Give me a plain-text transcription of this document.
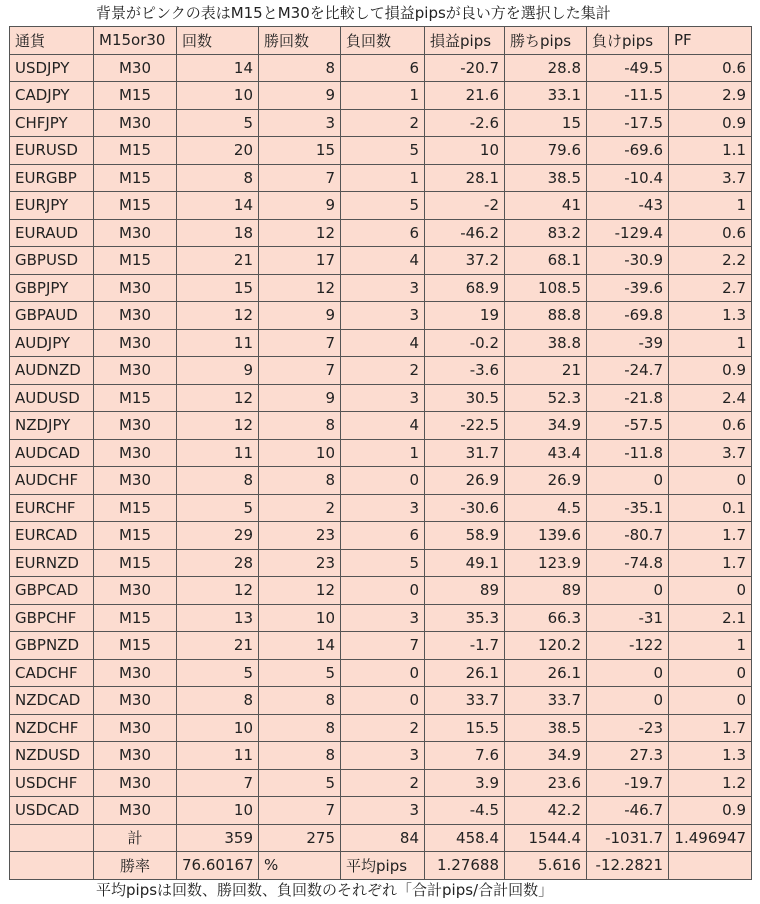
背景がピンクの表はM15とM30を比較して損益pipsが良い方を選択した集計
通貨	M15or30	回数	勝回数	負回数	損益pips	勝ちpips	負けpips	PF
USDJPY	M30	14	8	6	-20.7	28.8	-49.5	0.6
CADJPY	M15	10	9	1	21.6	33.1	-11.5	2.9
CHFJPY	M30	5	3	2	-2.6	15	-17.5	0.9
EURUSD	M15	20	15	5	10	79.6	-69.6	1.1
EURGBP	M15	8	7	1	28.1	38.5	-10.4	3.7
EURJPY	M15	14	9	5	-2	41	-43	1
EURAUD	M30	18	12	6	-46.2	83.2	-129.4	0.6
GBPUSD	M15	21	17	4	37.2	68.1	-30.9	2.2
GBPJPY	M30	15	12	3	68.9	108.5	-39.6	2.7
GBPAUD	M30	12	9	3	19	88.8	-69.8	1.3
AUDJPY	M30	11	7	4	-0.2	38.8	-39	1
AUDNZD	M30	9	7	2	-3.6	21	-24.7	0.9
AUDUSD	M15	12	9	3	30.5	52.3	-21.8	2.4
NZDJPY	M30	12	8	4	-22.5	34.9	-57.5	0.6
AUDCAD	M30	11	10	1	31.7	43.4	-11.8	3.7
AUDCHF	M30	8	8	0	26.9	26.9	0	0
EURCHF	M15	5	2	3	-30.6	4.5	-35.1	0.1
EURCAD	M15	29	23	6	58.9	139.6	-80.7	1.7
EURNZD	M15	28	23	5	49.1	123.9	-74.8	1.7
GBPCAD	M30	12	12	0	89	89	0	0
GBPCHF	M15	13	10	3	35.3	66.3	-31	2.1
GBPNZD	M15	21	14	7	-1.7	120.2	-122	1
CADCHF	M30	5	5	0	26.1	26.1	0	0
NZDCAD	M30	8	8	0	33.7	33.7	0	0
NZDCHF	M30	10	8	2	15.5	38.5	-23	1.7
NZDUSD	M30	11	8	3	7.6	34.9	27.3	1.3
USDCHF	M30	7	5	2	3.9	23.6	-19.7	1.2
USDCAD	M30	10	7	3	-4.5	42.2	-46.7	0.9
	計	359	275	84	458.4	1544.4	-1031.7	1.496947
	勝率	76.60167	%	平均pips	1.27688	5.616	-12.2821	
平均pipsは回数、勝回数、負回数のそれぞれ「合計pips/合計回数」
